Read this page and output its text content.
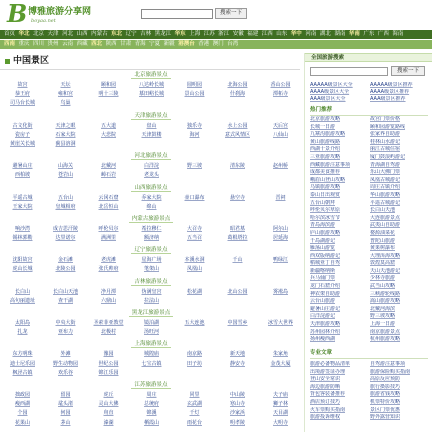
B 博雅旅游分享网
boyaa.net
搜索一下
首页 华北 北京 天津 河北 山西 内蒙古 东北 辽宁 吉林 黑龙江 华东 上海 江苏 浙江 安徽 福建 江西 山东 华中 河南 湖北 湖南 华南 广东 广西 海南
西南 重庆 四川 贵州 云南 西藏 西北 陕西 甘肃 青海 宁夏 新疆 港澳台 香港 澳门 台湾
中国景区
北京旅游景点
故宫	天坛	颐和园	八达岭长城	圆明园	北海公园	香山公园
恭王府	雍和宫	明十三陵	慕田峪长城	景山公园	什刹海	潭柘寺
司马台长城	鸟巢
天津旅游景点
古文化街	天津之眼	五大道	盘山	独乐寺	水上公园	天后宫
瓷房子	石家大院	大悲院	天津鼓楼	海河	意式风情区	八仙山
黄崖关长城	蓟县溶洞
河北旅游景点
避暑山庄	山海关	北戴河	白洋淀	野三坡	清东陵	赵州桥
西柏坡	苍岩山	嶂石岩	老龙头
山西旅游景点
平遥古城	五台山	云冈石窟	乔家大院	壶口瀑布	悬空寺	晋祠
王家大院	皇城相府	北岳恒山	绵山
内蒙古旅游景点
响沙湾	成吉思汗陵	呼伦贝尔	希拉穆仁	大召寺	昭君墓	阿尔山
锡林郭勒	达里诺尔	满洲里	额济纳	五当召	葛根塔拉	居延海
辽宁旅游景点
沈阳故宫	金石滩	老虎滩	星海广场	本溪水洞	千山	鸭绿江
虎山长城	北陵公园	张氏帅府	笔架山	凤凰山
吉林旅游景点
长白山	长白山天池	净月潭	伪满皇宫	松花湖	北山公园	雾凇岛
高句丽遗址	查干湖	六鼎山	拉法山
黑龙江旅游景点
太阳岛	中央大街	圣索菲亚教堂	镜泊湖	五大连池	中国雪乡	冰雪大世界
扎龙	亚布力	北极村	汤旺河
上海旅游景点
东方明珠	外滩	豫园	城隍庙	南京路	新天地	朱家角
迪士尼乐园	野生动物园	世纪公园	七宝古镇	田子坊	静安寺	金茂大厦
枫泾古镇	欢乐谷	锦江乐园
江苏旅游景点
拙政园	留园	虎丘	周庄	同里	中山陵	夫子庙
瘦西湖	鼋头渚	灵山大佛	总统府	玄武湖	寒山寺	狮子林
个园	何园	甪直	锦溪	千灯	沙家浜	天目湖
花果山	茅山	溱湖	栖霞山	雨花台	明孝陵	大明寺
全国旅游搜索
搜索一下
AAAAA级景区大全	AAAAA级景区推荐
AAAA级景区大全	AAAA级景区推荐
AAA级景区大全	AAA级景区推荐
热门推荐
北京旅游攻略	故宫门票价格
长城一日游	颐和园游览路线
九寨沟旅游攻略	张家界自助游
黄山旅游线路	桂林山水游记
西湖十景介绍	丽江古城住宿
三亚旅游攻略	厦门鼓浪屿游记
西藏旅游注意事项	青海湖自驾游
成都美食推荐	乐山大佛门票
峨眉山登山攻略	凤凰古城游记
乌镇旅游攻略	周庄古镇介绍
泰山日出观赏	华山旅游攻略
五台山朝拜	平遥古城游记
呼伦贝尔草原	长白山天池
哈尔滨冰雪节	大连旅游景点
青岛海滨游	武夷山自助游
庐山旅游攻略	婺源油菜花
千岛湖游记	普陀山旅游
雁荡山游览	黄果树瀑布
西双版纳游记	大理洱海攻略
稻城亚丁自驾	敦煌莫高窟
新疆喀纳斯	天山天池游记
兵马俑门票	少林寺旅游
龙门石窟介绍	武当山攻略
神农架自助游	三峡游轮线路
云台山旅游	嵩山旅游攻略
避暑山庄游记	北戴河海滨
白洋淀游记	野三坡攻略
天津旅游攻略	上海一日游
苏州园林介绍	南京旅游景点
扬州瘦西湖	杭州旅游攻略
专业文章
旅游必备物品清单	自驾游注意事项
出境游签证办理	旅游保险购买指南
登山安全常识	高原反应预防
海边旅游防晒	旅行摄影技巧
背包客装备推荐	旅游省钱攻略
酒店预订技巧	机票特价攻略
火车票购买指南	景区门票优惠
旅游投诉维权	野外露营知识
